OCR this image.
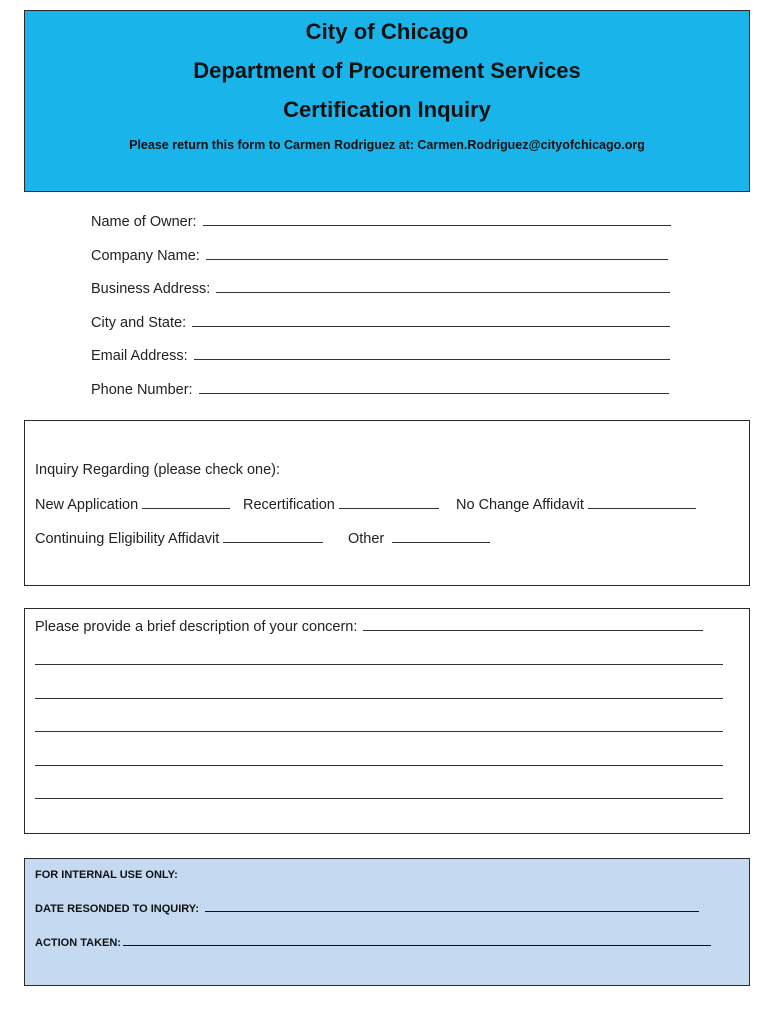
City of Chicago
Department of Procurement Services
Certification Inquiry
Please return this form to Carmen Rodriguez at: Carmen.Rodriguez@cityofchicago.org
Name of Owner:
Company Name:
Business Address:
City and State:
Email Address:
Phone Number:
Inquiry Regarding (please check one):
New Application	Recertification	No Change Affidavit
Continuing Eligibility Affidavit	Other
Please provide a brief description of your concern:
FOR INTERNAL USE ONLY:
DATE RESONDED TO INQUIRY:
ACTION TAKEN:
